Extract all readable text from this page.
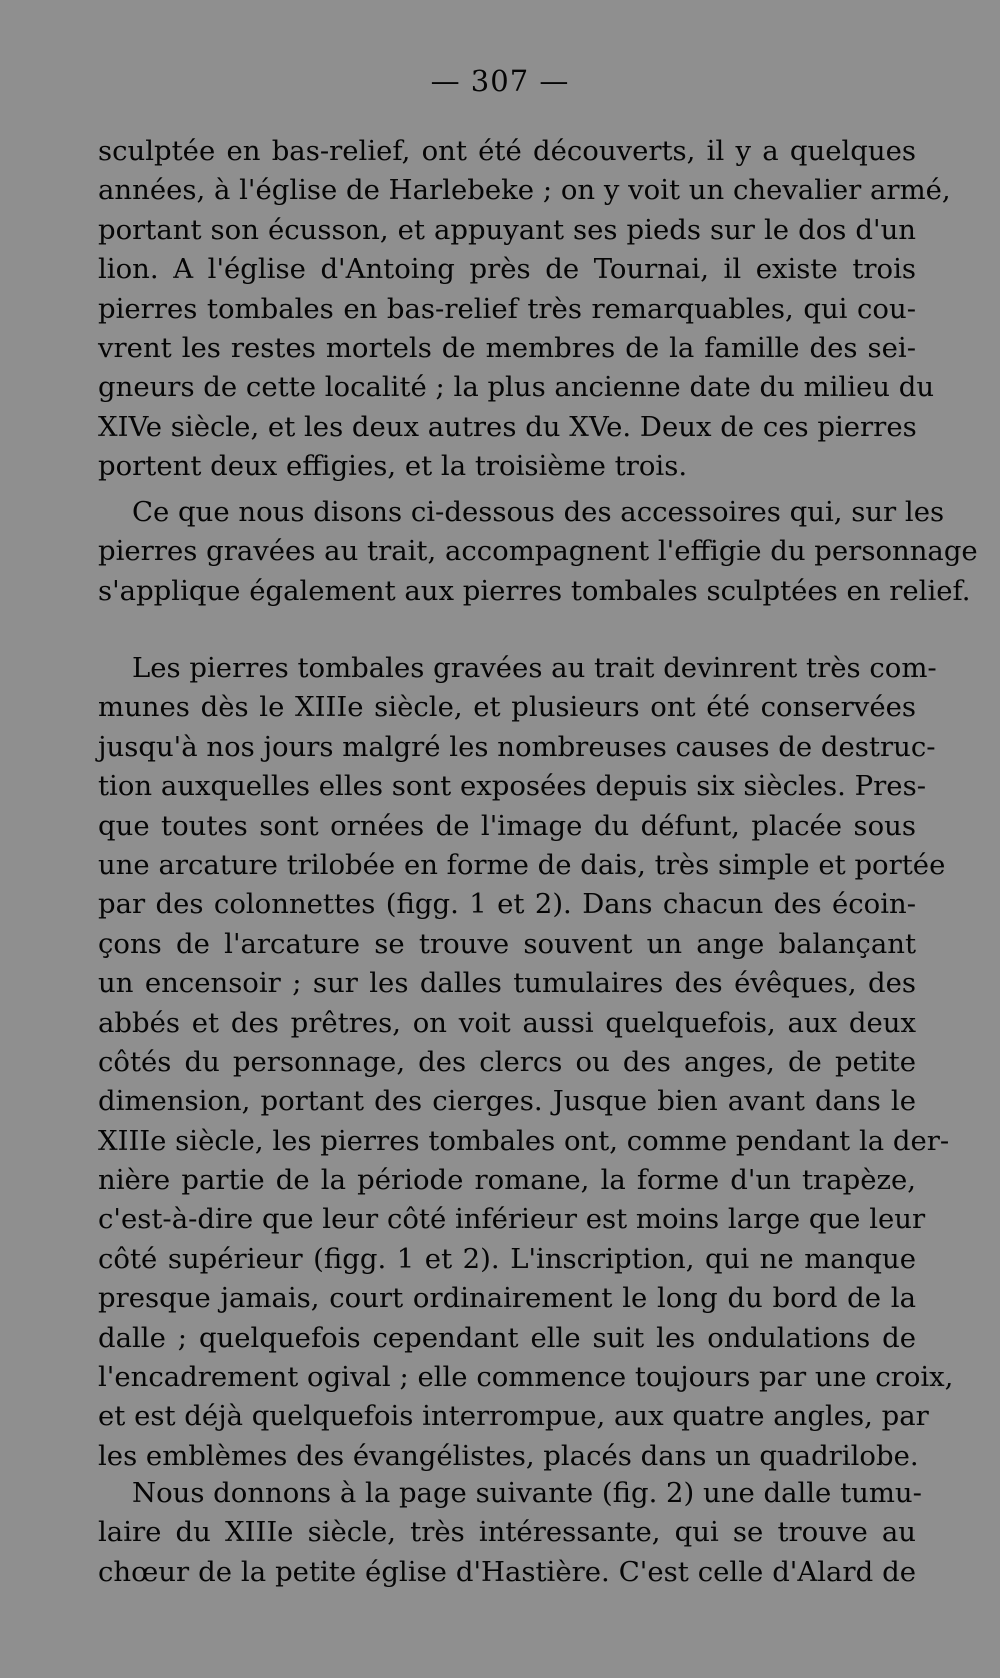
— 307 —
sculptée en bas-relief, ont été découverts, il y a quelques
années, à l'église de Harlebeke ; on y voit un chevalier armé,
portant son écusson, et appuyant ses pieds sur le dos d'un
lion. A l'église d'Antoing près de Tournai, il existe trois
pierres tombales en bas-relief très remarquables, qui cou-
vrent les restes mortels de membres de la famille des sei-
gneurs de cette localité ; la plus ancienne date du milieu du
XIVe siècle, et les deux autres du XVe. Deux de ces pierres
portent deux effigies, et la troisième trois.
Ce que nous disons ci-dessous des accessoires qui, sur les
pierres gravées au trait, accompagnent l'effigie du personnage
s'applique également aux pierres tombales sculptées en relief.
Les pierres tombales gravées au trait devinrent très com-
munes dès le XIIIe siècle, et plusieurs ont été conservées
jusqu'à nos jours malgré les nombreuses causes de destruc-
tion auxquelles elles sont exposées depuis six siècles. Pres-
que toutes sont ornées de l'image du défunt, placée sous
une arcature trilobée en forme de dais, très simple et portée
par des colonnettes (figg. 1 et 2). Dans chacun des écoin-
çons de l'arcature se trouve souvent un ange balançant
un encensoir ; sur les dalles tumulaires des évêques, des
abbés et des prêtres, on voit aussi quelquefois, aux deux
côtés du personnage, des clercs ou des anges, de petite
dimension, portant des cierges. Jusque bien avant dans le
XIIIe siècle, les pierres tombales ont, comme pendant la der-
nière partie de la période romane, la forme d'un trapèze,
c'est-à-dire que leur côté inférieur est moins large que leur
côté supérieur (figg. 1 et 2). L'inscription, qui ne manque
presque jamais, court ordinairement le long du bord de la
dalle ; quelquefois cependant elle suit les ondulations de
l'encadrement ogival ; elle commence toujours par une croix,
et est déjà quelquefois interrompue, aux quatre angles, par
les emblèmes des évangélistes, placés dans un quadrilobe.
Nous donnons à la page suivante (fig. 2) une dalle tumu-
laire du XIIIe siècle, très intéressante, qui se trouve au
chœur de la petite église d'Hastière. C'est celle d'Alard de
